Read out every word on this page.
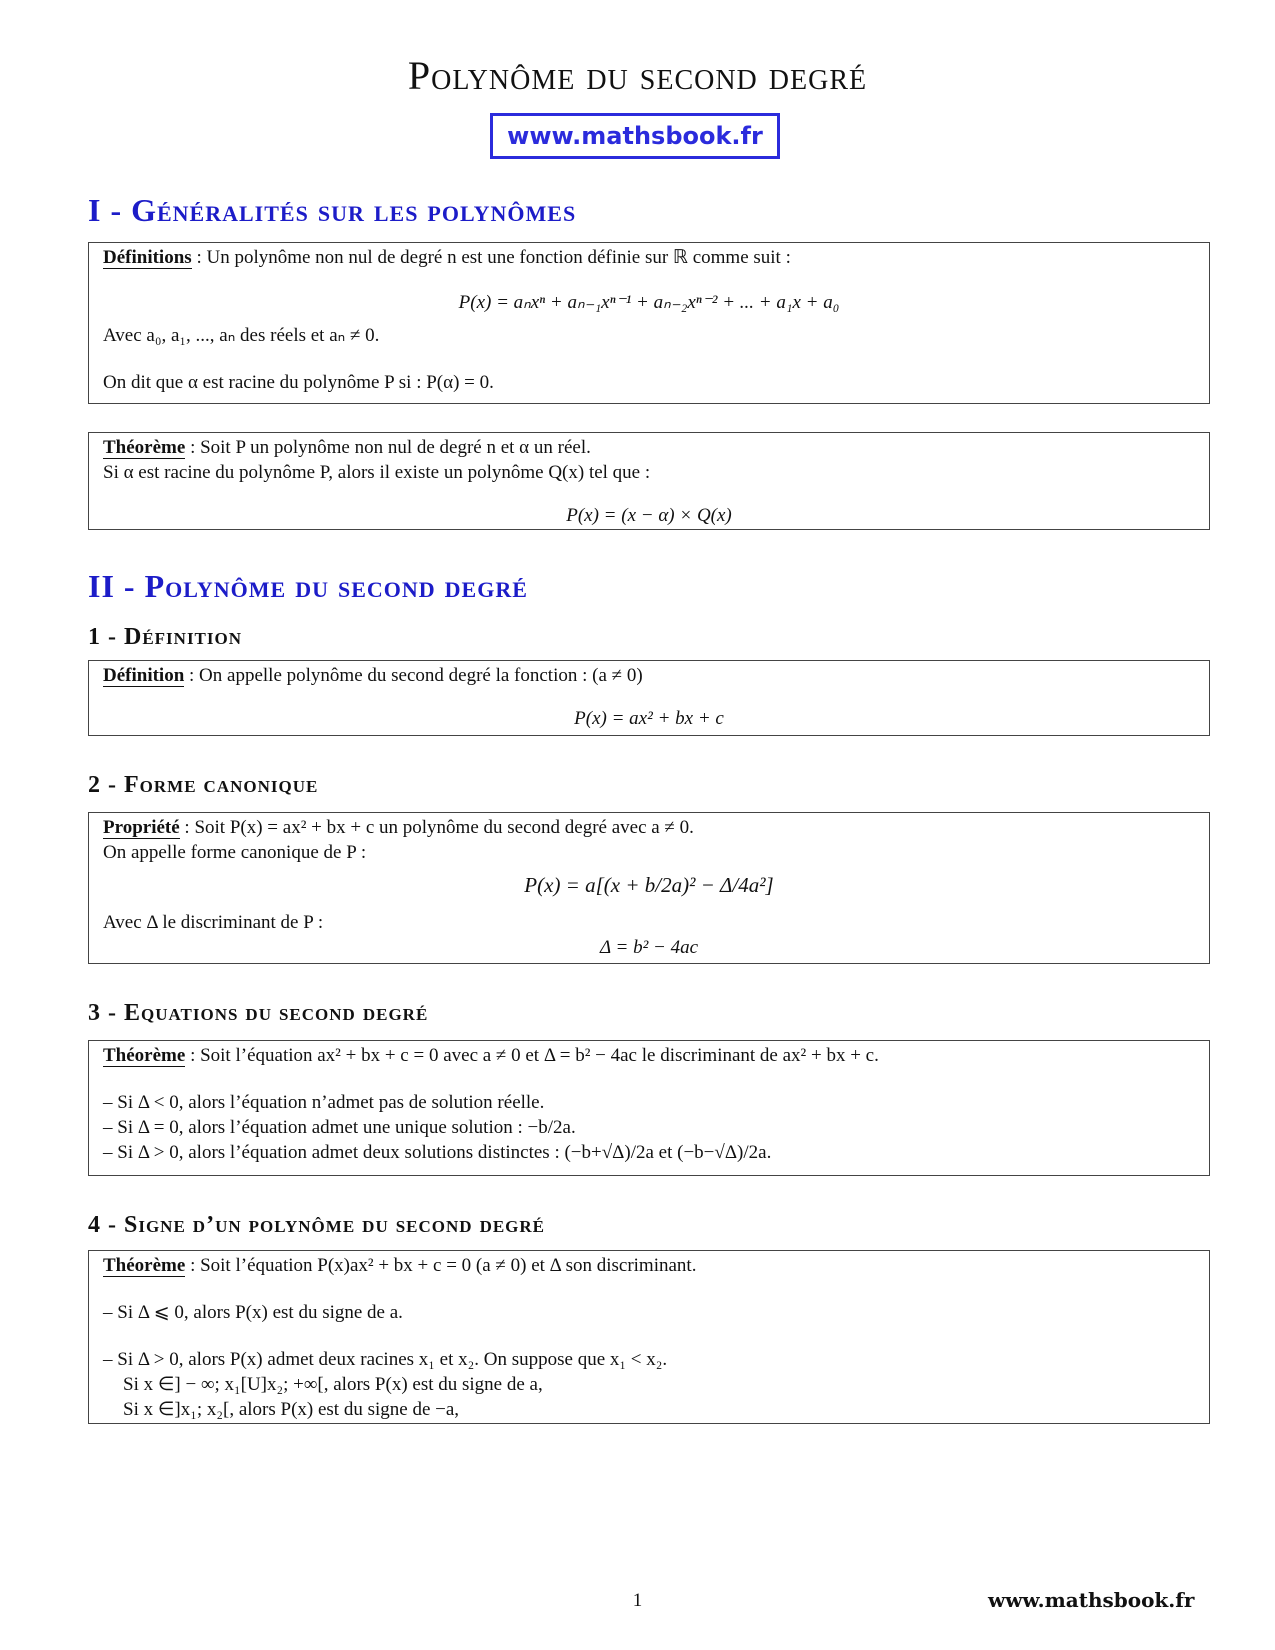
Polynôme du second degré
www.mathsbook.fr
I - Généralités sur les polynômes
Définitions : Un polynôme non nul de degré n est une fonction définie sur ℝ comme suit :
P(x) = aₙxⁿ + aₙ₋₁xⁿ⁻¹ + aₙ₋₂xⁿ⁻² + ... + a₁x + a₀
Avec a₀, a₁, ..., aₙ des réels et aₙ ≠ 0.
On dit que α est racine du polynôme P si : P(α) = 0.
Théorème : Soit P un polynôme non nul de degré n et α un réel.
Si α est racine du polynôme P, alors il existe un polynôme Q(x) tel que :
P(x) = (x − α) × Q(x)
II - Polynôme du second degré
1 - Définition
Définition : On appelle polynôme du second degré la fonction : (a ≠ 0)
P(x) = ax² + bx + c
2 - Forme canonique
Propriété : Soit P(x) = ax² + bx + c un polynôme du second degré avec a ≠ 0.
On appelle forme canonique de P :
P(x) = a[(x + b/2a)² − Δ/4a²]
Avec Δ le discriminant de P :
Δ = b² − 4ac
3 - Equations du second degré
Théorème : Soit l’équation ax² + bx + c = 0 avec a ≠ 0 et Δ = b² − 4ac le discriminant de ax² + bx + c.
– Si Δ < 0, alors l’équation n’admet pas de solution réelle.
– Si Δ = 0, alors l’équation admet une unique solution : −b/2a.
– Si Δ > 0, alors l’équation admet deux solutions distinctes : (−b+√Δ)/2a et (−b−√Δ)/2a.
4 - Signe d’un polynôme du second degré
Théorème : Soit l’équation P(x)ax² + bx + c = 0 (a ≠ 0) et Δ son discriminant.
– Si Δ ⩽ 0, alors P(x) est du signe de a.
– Si Δ > 0, alors P(x) admet deux racines x₁ et x₂. On suppose que x₁ < x₂.
Si x ∈] − ∞; x₁[U]x₂; +∞[, alors P(x) est du signe de a,
Si x ∈]x₁; x₂[, alors P(x) est du signe de −a,
1	www.mathsbook.fr
